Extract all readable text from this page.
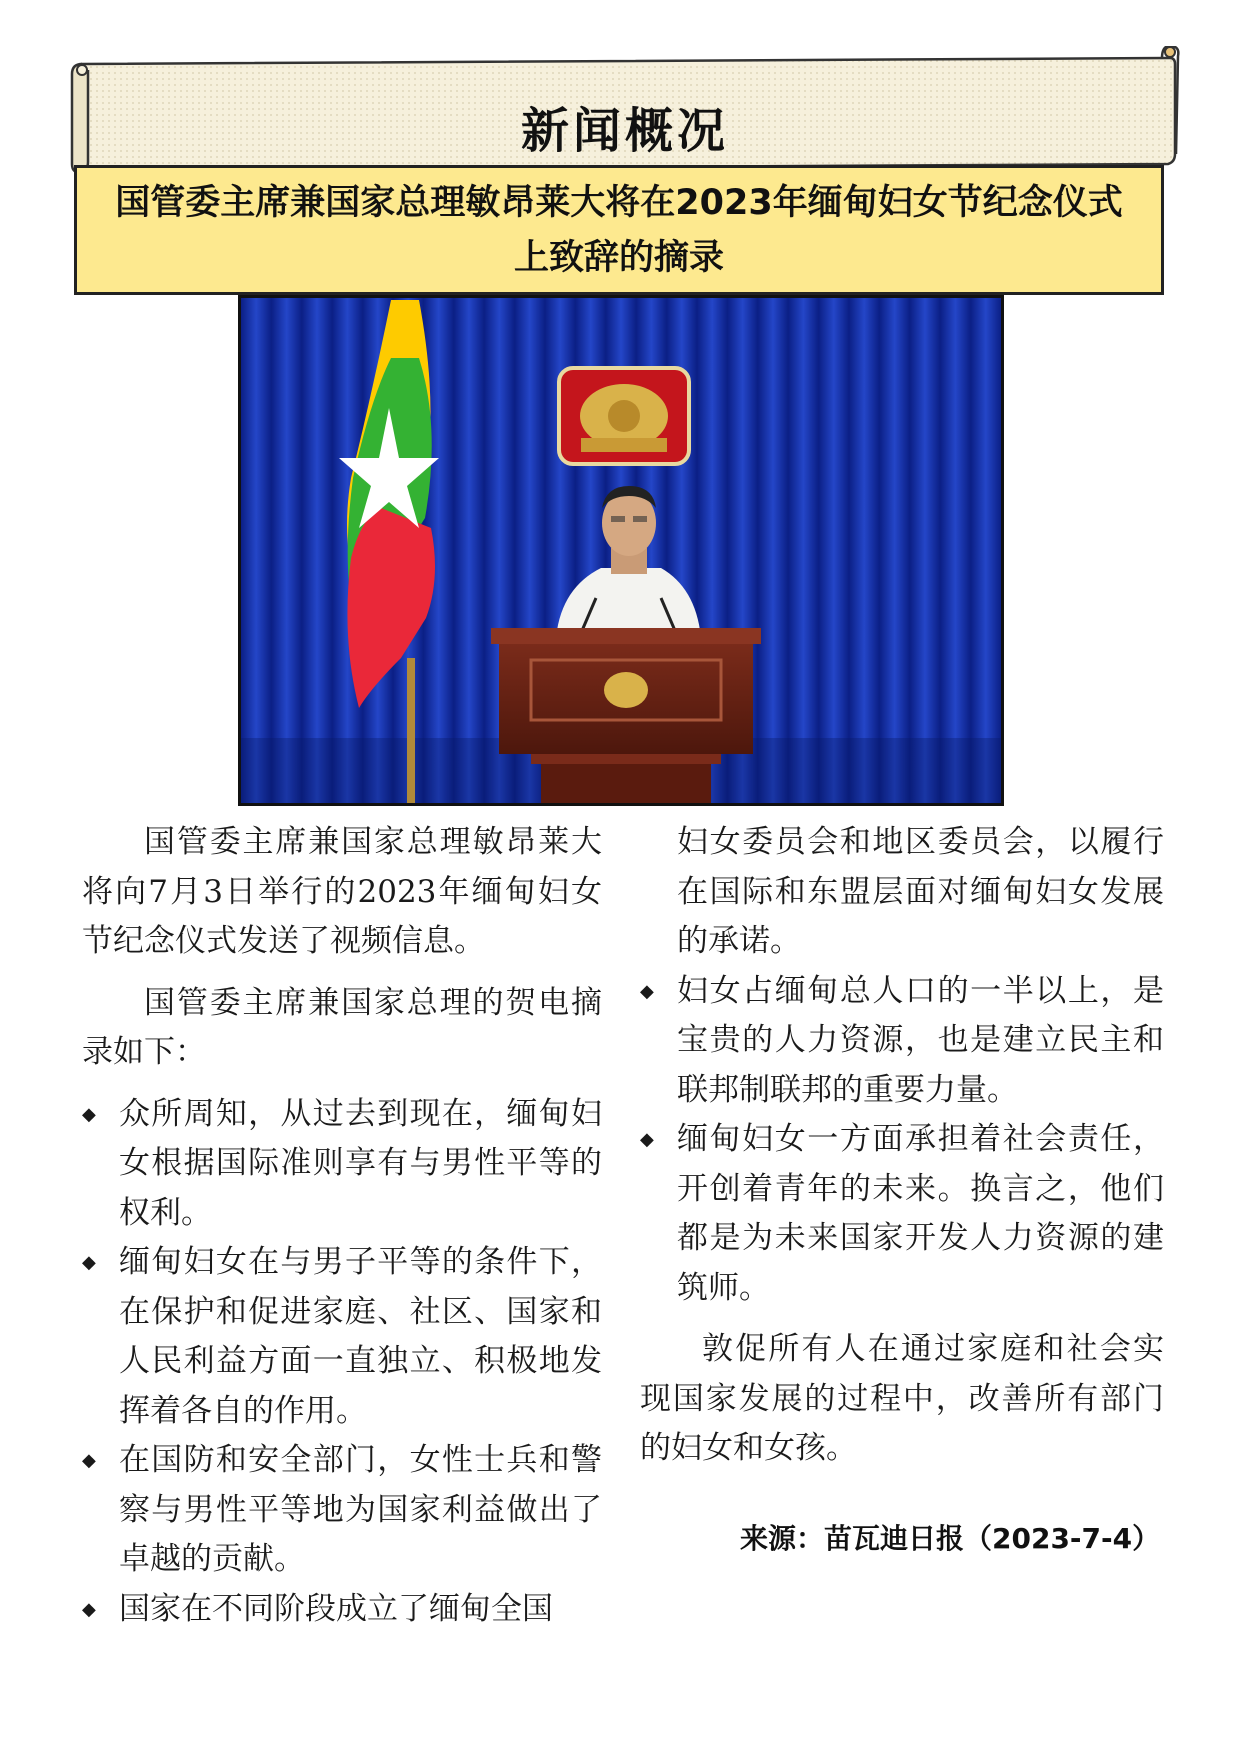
新闻概况
国管委主席兼国家总理敏昂莱大将在2023年缅甸妇女节纪念仪式
上致辞的摘录

国管委主席兼国家总理敏昂莱大将向7月3日举行的2023年缅甸妇女节纪念仪式发送了视频信息。

国管委主席兼国家总理的贺电摘录如下：

◆ 众所周知，从过去到现在，缅甸妇女根据国际准则享有与男性平等的权利。
◆ 缅甸妇女在与男子平等的条件下，在保护和促进家庭、社区、国家和人民利益方面一直独立、积极地发挥着各自的作用。
◆ 在国防和安全部门，女性士兵和警察与男性平等地为国家利益做出了卓越的贡献。
◆ 国家在不同阶段成立了缅甸全国
妇女委员会和地区委员会，以履行在国际和东盟层面对缅甸妇女发展的承诺。
◆ 妇女占缅甸总人口的一半以上，是宝贵的人力资源，也是建立民主和联邦制联邦的重要力量。
◆ 缅甸妇女一方面承担着社会责任，开创着青年的未来。换言之，他们都是为未来国家开发人力资源的建筑师。

敦促所有人在通过家庭和社会实现国家发展的过程中，改善所有部门的妇女和女孩。

来源：苗瓦迪日报（2023-7-4）
